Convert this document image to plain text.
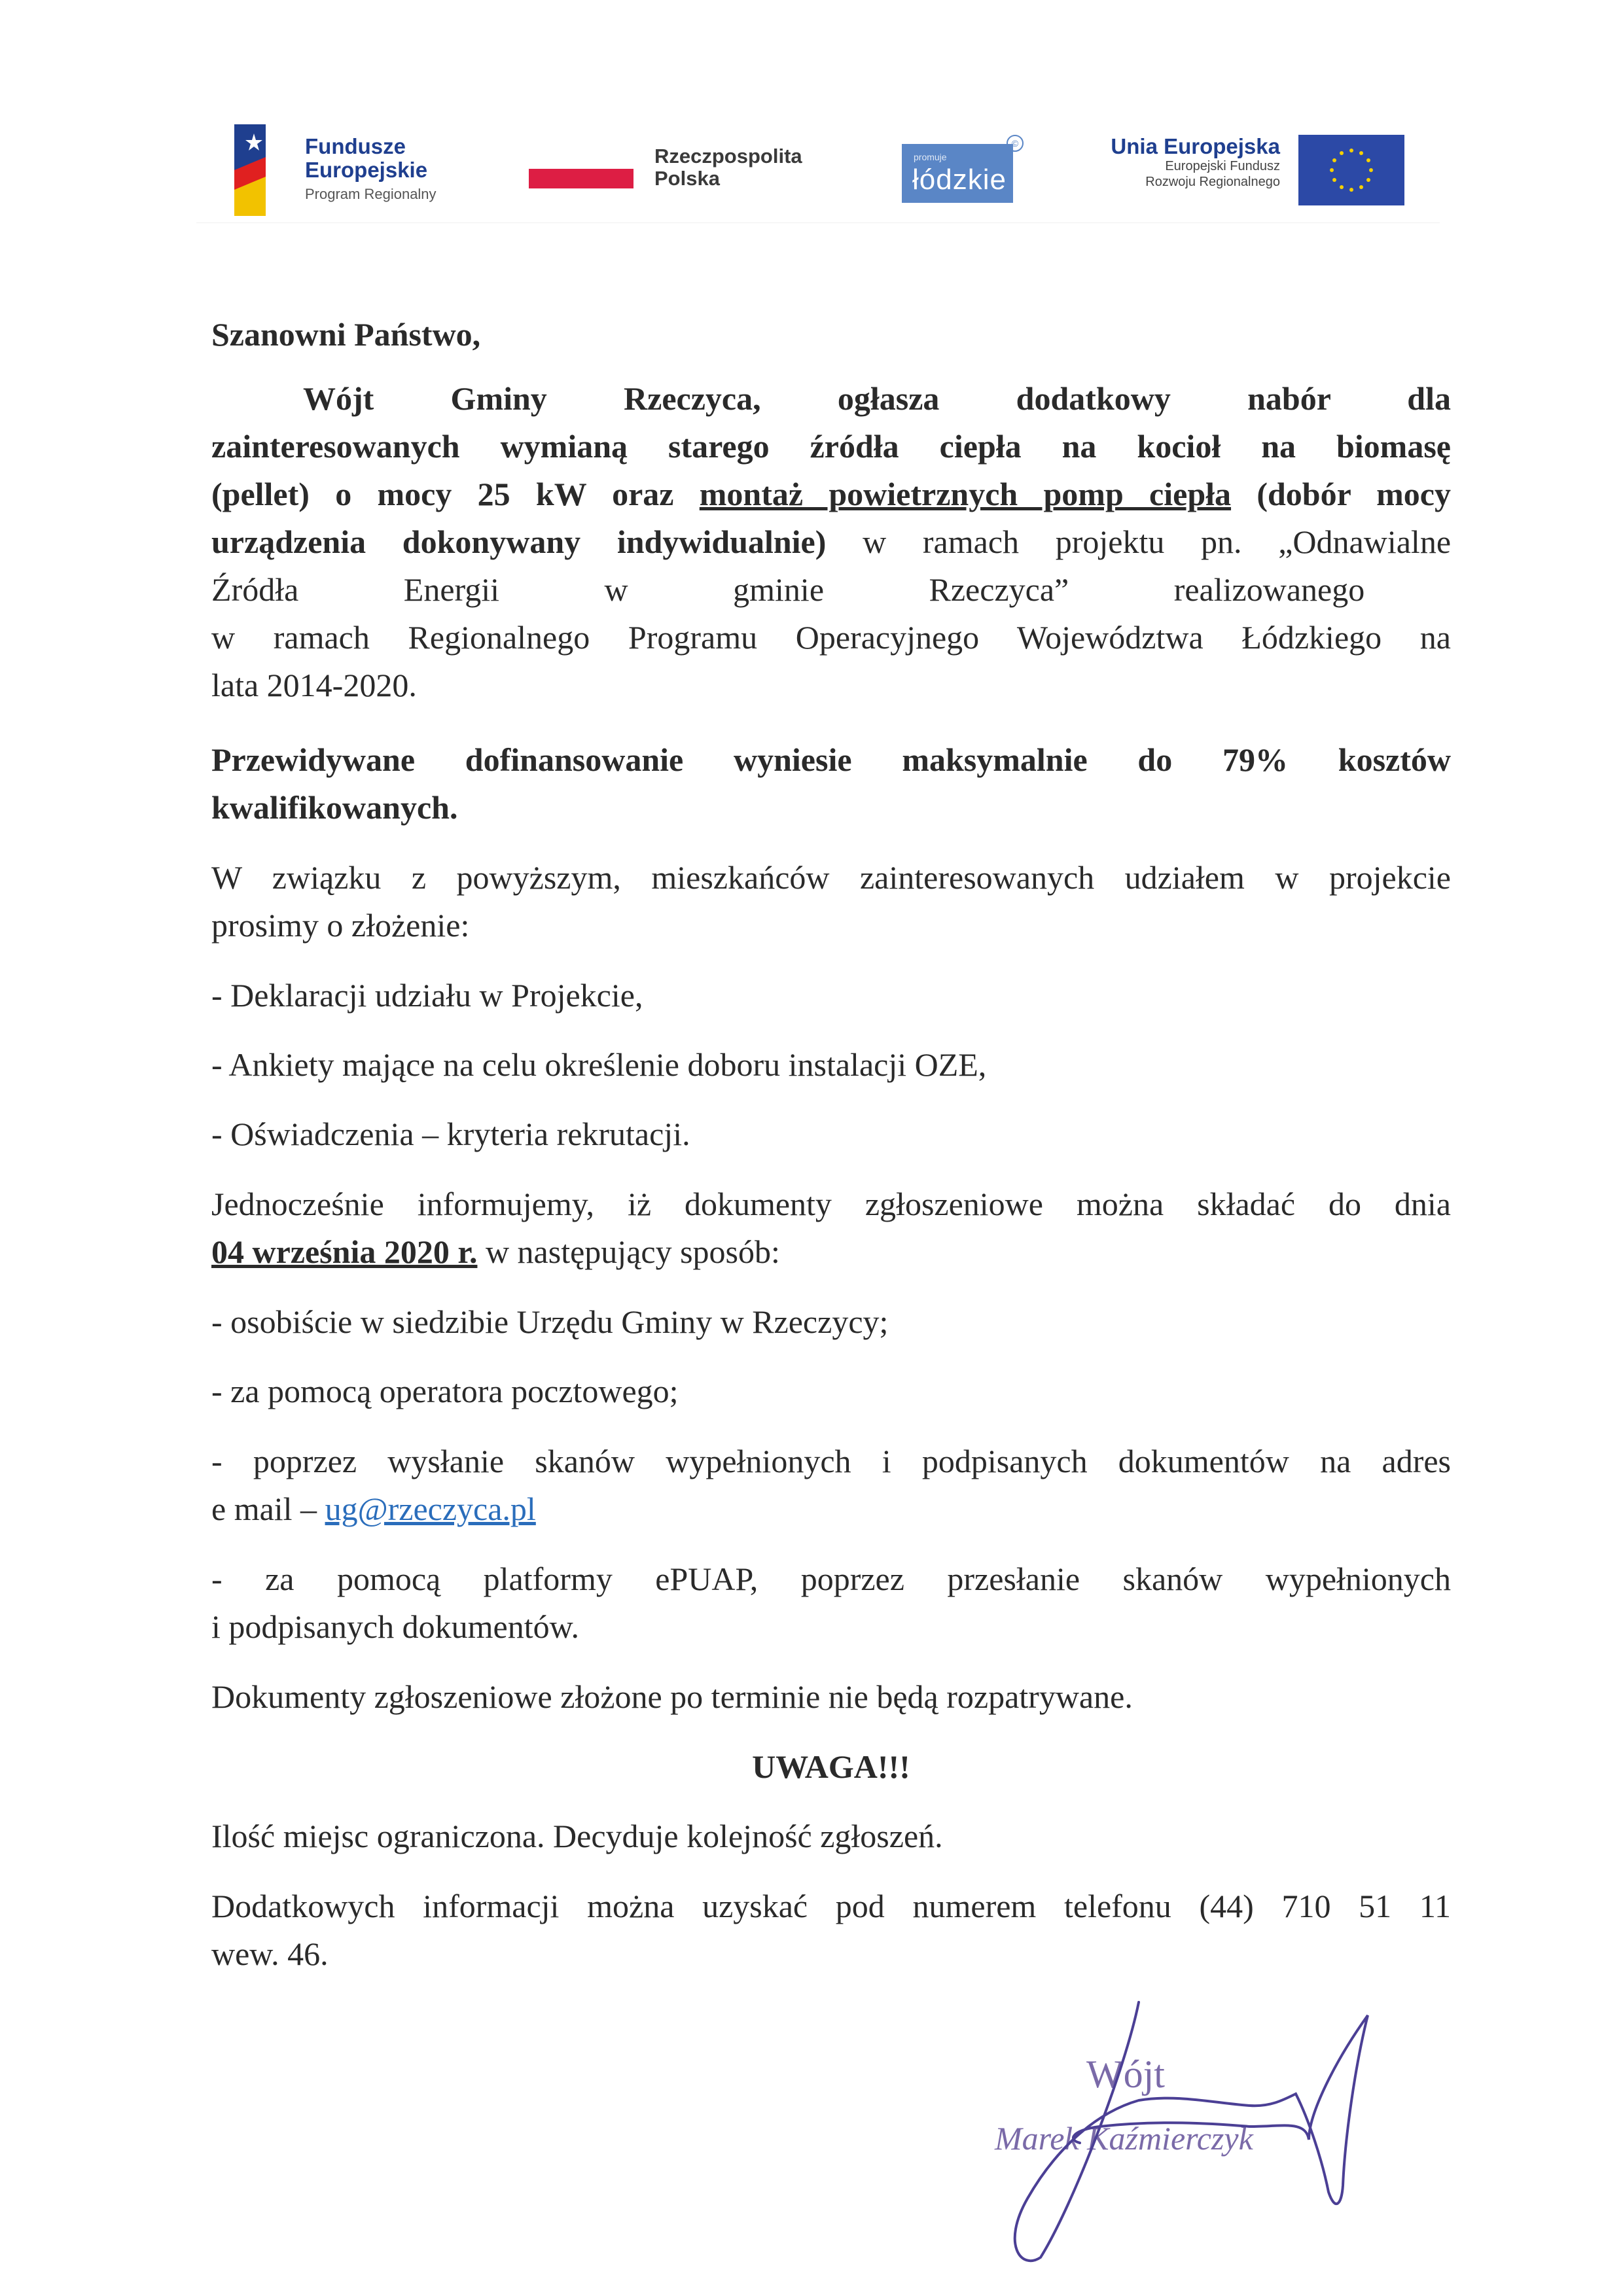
Fundusze
Europejskie
Program Regionalny
Rzeczpospolita
Polska
promuje
łódzkie
©	Unia Europejska
Europejski Fundusz
Rozwoju Regionalnego

Szanowni Państwo,

Wójt Gminy Rzeczyca, ogłasza dodatkowy nabór dla

zainteresowanych wymianą starego źródła ciepła na kocioł na biomasę

(pellet) o mocy 25 kW oraz montaż powietrznych pomp ciepła (dobór mocy

urządzenia dokonywany indywidualnie) w ramach projektu pn. „Odnawialne

Źródła Energii w gminie Rzeczyca” realizowanego

w ramach Regionalnego Programu Operacyjnego Województwa Łódzkiego na

lata 2014-2020.

Przewidywane dofinansowanie wyniesie maksymalnie do 79% kosztów

kwalifikowanych.

W związku z powyższym, mieszkańców zainteresowanych udziałem w projekcie

prosimy o złożenie:

- Deklaracji udziału w Projekcie,

- Ankiety mające na celu określenie doboru instalacji OZE,

- Oświadczenia – kryteria rekrutacji.

Jednocześnie informujemy, iż dokumenty zgłoszeniowe można składać do dnia

04 września 2020 r. w następujący sposób:

- osobiście w siedzibie Urzędu Gminy w Rzeczycy;

- za pomocą operatora pocztowego;

- poprzez wysłanie skanów wypełnionych i podpisanych dokumentów na adres

e mail – ug@rzeczyca.pl

- za pomocą platformy ePUAP, poprzez przesłanie skanów wypełnionych

i podpisanych dokumentów.

Dokumenty zgłoszeniowe złożone po terminie nie będą rozpatrywane.

UWAGA!!!

Ilość miejsc ograniczona. Decyduje kolejność zgłoszeń.

Dodatkowych informacji można uzyskać pod numerem telefonu (44) 710 51 11

wew. 46.

Wójt
Marek Kaźmierczyk
